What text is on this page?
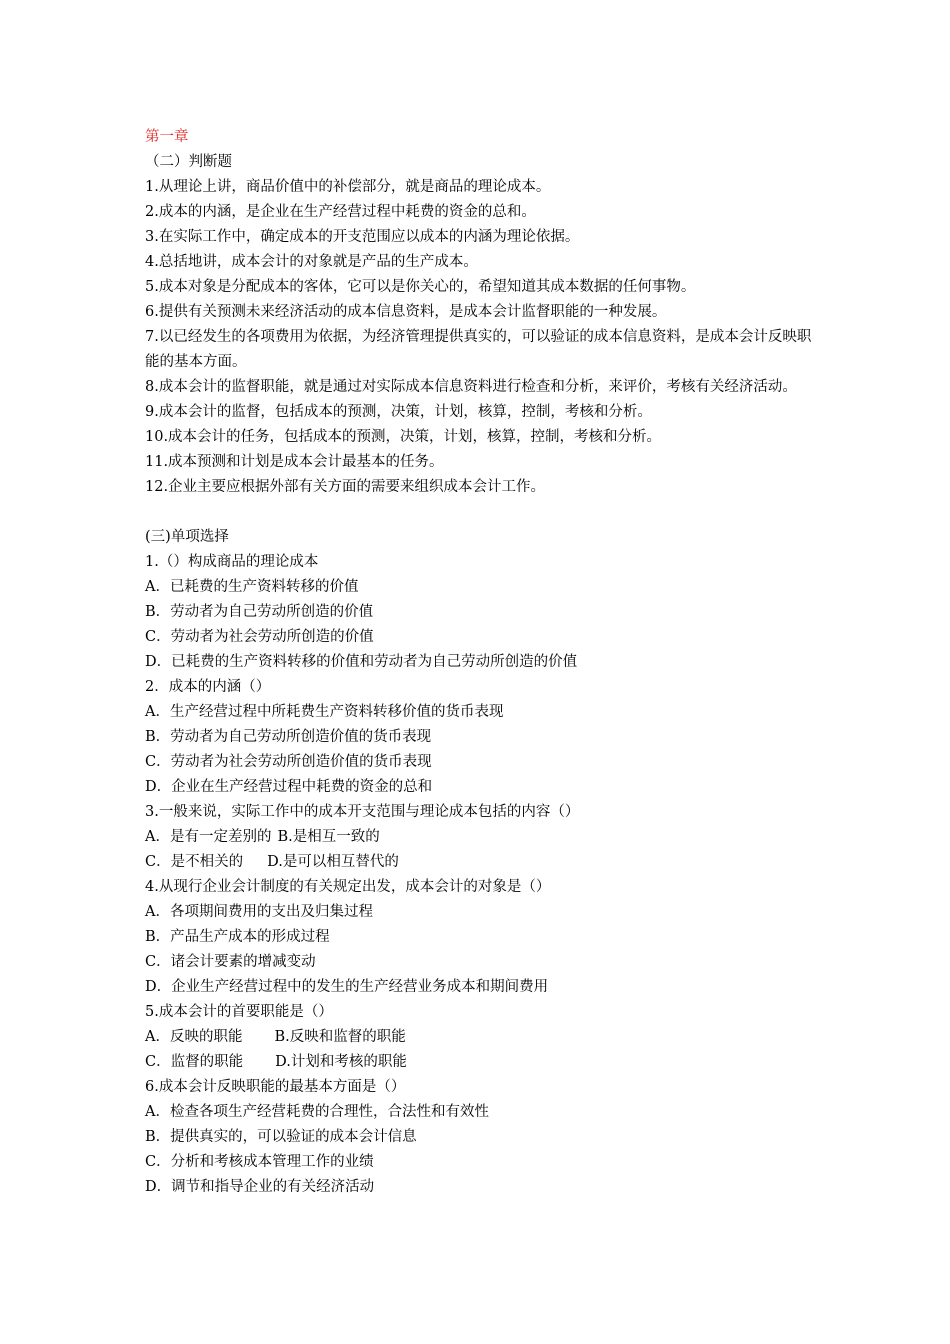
第一章
（二）判断题
1.从理论上讲，商品价值中的补偿部分，就是商品的理论成本。
2.成本的内涵，是企业在生产经营过程中耗费的资金的总和。
3.在实际工作中，确定成本的开支范围应以成本的内涵为理论依据。
4.总括地讲，成本会计的对象就是产品的生产成本。
5.成本对象是分配成本的客体，它可以是你关心的，希望知道其成本数据的任何事物。
6.提供有关预测未来经济活动的成本信息资料，是成本会计监督职能的一种发展。
7.以已经发生的各项费用为依据，为经济管理提供真实的，可以验证的成本信息资料，是成本会计反映职能的基本方面。
8.成本会计的监督职能，就是通过对实际成本信息资料进行检查和分析，来评价，考核有关经济活动。
9.成本会计的监督，包括成本的预测，决策，计划，核算，控制，考核和分析。
10.成本会计的任务，包括成本的预测，决策，计划，核算，控制，考核和分析。
11.成本预测和计划是成本会计最基本的任务。
12.企业主要应根据外部有关方面的需要来组织成本会计工作。
(三)单项选择
1.（）构成商品的理论成本
A．已耗费的生产资料转移的价值
B．劳动者为自己劳动所创造的价值
C．劳动者为社会劳动所创造的价值
D．已耗费的生产资料转移的价值和劳动者为自己劳动所创造的价值
2．成本的内涵（）
A．生产经营过程中所耗费生产资料转移价值的货币表现
B．劳动者为自己劳动所创造价值的货币表现
C．劳动者为社会劳动所创造价值的货币表现
D．企业在生产经营过程中耗费的资金的总和
3.一般来说，实际工作中的成本开支范围与理论成本包括的内容（）
A．是有一定差别的 B.是相互一致的
C．是不相关的 D.是可以相互替代的
4.从现行企业会计制度的有关规定出发，成本会计的对象是（）
A．各项期间费用的支出及归集过程
B．产品生产成本的形成过程
C．诸会计要素的增减变动
D．企业生产经营过程中的发生的生产经营业务成本和期间费用
5.成本会计的首要职能是（）
A．反映的职能 B.反映和监督的职能
C．监督的职能 D.计划和考核的职能
6.成本会计反映职能的最基本方面是（）
A．检查各项生产经营耗费的合理性，合法性和有效性
B．提供真实的，可以验证的成本会计信息
C．分析和考核成本管理工作的业绩
D．调节和指导企业的有关经济活动
